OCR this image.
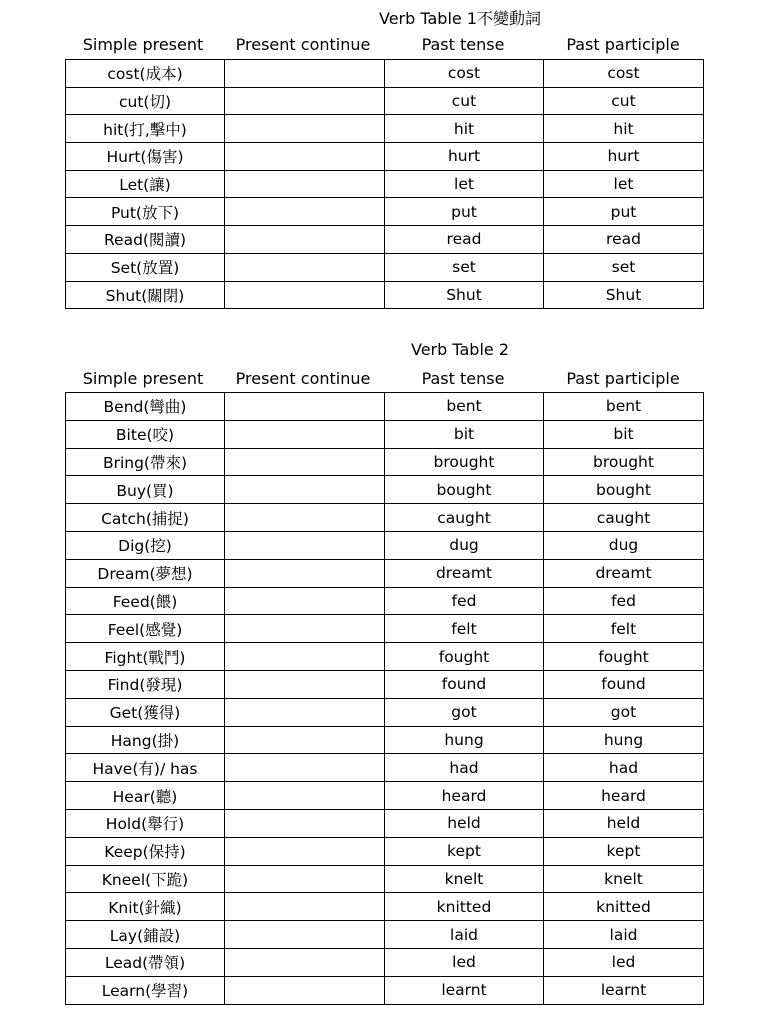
Verb Table 1不變動詞
Simple present	Present continue	Past tense	Past participle
cost(成本)		cost	cost
cut(切)		cut	cut
hit(打,擊中)		hit	hit
Hurt(傷害)		hurt	hurt
Let(讓)		let	let
Put(放下)		put	put
Read(閱讀)		read	read
Set(放置)		set	set
Shut(關閉)		Shut	Shut
Verb Table 2
Simple present	Present continue	Past tense	Past participle
Bend(彎曲)		bent	bent
Bite(咬)		bit	bit
Bring(帶來)		brought	brought
Buy(買)		bought	bought
Catch(捕捉)		caught	caught
Dig(挖)		dug	dug
Dream(夢想)		dreamt	dreamt
Feed(餵)		fed	fed
Feel(感覺)		felt	felt
Fight(戰鬥)		fought	fought
Find(發現)		found	found
Get(獲得)		got	got
Hang(掛)		hung	hung
Have(有)/ has		had	had
Hear(聽)		heard	heard
Hold(舉行)		held	held
Keep(保持)		kept	kept
Kneel(下跪)		knelt	knelt
Knit(針織)		knitted	knitted
Lay(鋪設)		laid	laid
Lead(帶領)		led	led
Learn(學習)		learnt	learnt
